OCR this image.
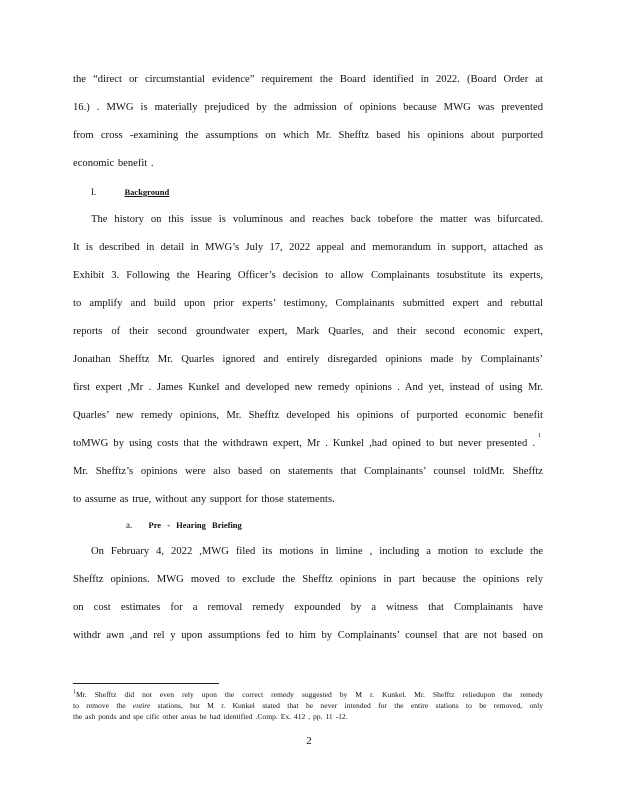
the “direct or circumstantial evidence” requirement the Board identified in 2022. (Board Order at
16.) . MWG is materially prejudiced by the admission of opinions because MWG was prevented
from cross -examining the assumptions on which Mr. Shefftz based his opinions about purported
economic benefit .
I.	Background
The history on this issue is voluminous and reaches back tobefore the matter was bifurcated.
It is described in detail in MWG’s July 17, 2022 appeal and memorandum in support, attached as
Exhibit 3. Following the Hearing Officer’s decision to allow Complainants tosubstitute its experts,
to amplify and build upon prior experts’ testimony, Complainants submitted expert and rebuttal
reports of their second groundwater expert, Mark Quarles, and their second economic expert,
Jonathan Shefftz Mr. Quarles ignored and entirely disregarded opinions made by Complainants’
first expert ,Mr . James Kunkel and developed new remedy opinions . And yet, instead of using Mr.
Quarles’ new remedy opinions, Mr. Shefftz developed his opinions of purported economic benefit
toMWG by using costs that the withdrawn expert, Mr . Kunkel ,had opined to but never presented .
1
Mr. Shefftz’s opinions were also based on statements that Complainants’ counsel toldMr. Shefftz
to assume as true, without any support for those statements.
a. Pre - Hearing Briefing
On February 4, 2022 ,MWG filed its motions in limine , including a motion to exclude the
Shefftz opinions. MWG moved to exclude the Shefftz opinions in part because the opinions rely
on cost estimates for a removal remedy expounded by a witness that Complainants have
withdr awn ,and rel y upon assumptions fed to him by Complainants’ counsel that are not based on
$^1$Mr. Shefftz did not even rely upon the correct remedy suggested by M r. Kunkel. Mr. Shefftz reliedupon the remedy
to remove the entire stations, but M r. Kunkel stated that he never intended for the entire stations to be removed, only
the ash ponds and spe cific other areas he had identified .Comp. Ex. 412 , pp. 11 -12.
2
